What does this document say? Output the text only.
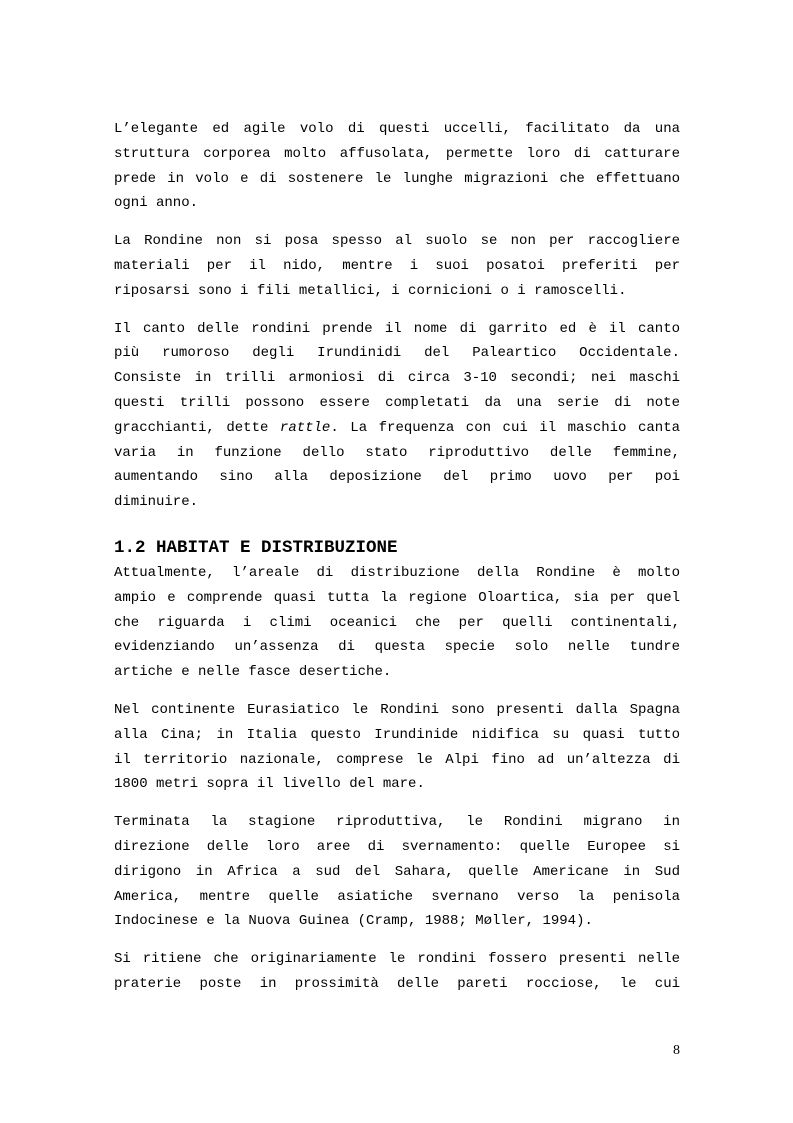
L’elegante ed agile volo di questi uccelli, facilitato da una
struttura corporea molto affusolata, permette loro di catturare
prede in volo e di sostenere le lunghe migrazioni che effettuano
ogni anno.

La Rondine non si posa spesso al suolo se non per raccogliere
materiali per il nido, mentre i suoi posatoi preferiti per
riposarsi sono i fili metallici, i cornicioni o i ramoscelli.

Il canto delle rondini prende il nome di garrito ed è il canto
più rumoroso degli Irundinidi del Paleartico Occidentale.
Consiste in trilli armoniosi di circa 3-10 secondi; nei maschi
questi trilli possono essere completati da una serie di note
gracchianti, dette rattle. La frequenza con cui il maschio canta
varia in funzione dello stato riproduttivo delle femmine,
aumentando sino alla deposizione del primo uovo per poi
diminuire.

1.2 HABITAT E DISTRIBUZIONE

Attualmente, l’areale di distribuzione della Rondine è molto
ampio e comprende quasi tutta la regione Oloartica, sia per quel
che riguarda i climi oceanici che per quelli continentali,
evidenziando un’assenza di questa specie solo nelle tundre
artiche e nelle fasce desertiche.

Nel continente Eurasiatico le Rondini sono presenti dalla Spagna
alla Cina; in Italia questo Irundinide nidifica su quasi tutto
il territorio nazionale, comprese le Alpi fino ad un’altezza di
1800 metri sopra il livello del mare.

Terminata la stagione riproduttiva, le Rondini migrano in
direzione delle loro aree di svernamento: quelle Europee si
dirigono in Africa a sud del Sahara, quelle Americane in Sud
America, mentre quelle asiatiche svernano verso la penisola
Indocinese e la Nuova Guinea (Cramp, 1988; Møller, 1994).

Si ritiene che originariamente le rondini fossero presenti nelle
praterie poste in prossimità delle pareti rocciose, le cui

8
